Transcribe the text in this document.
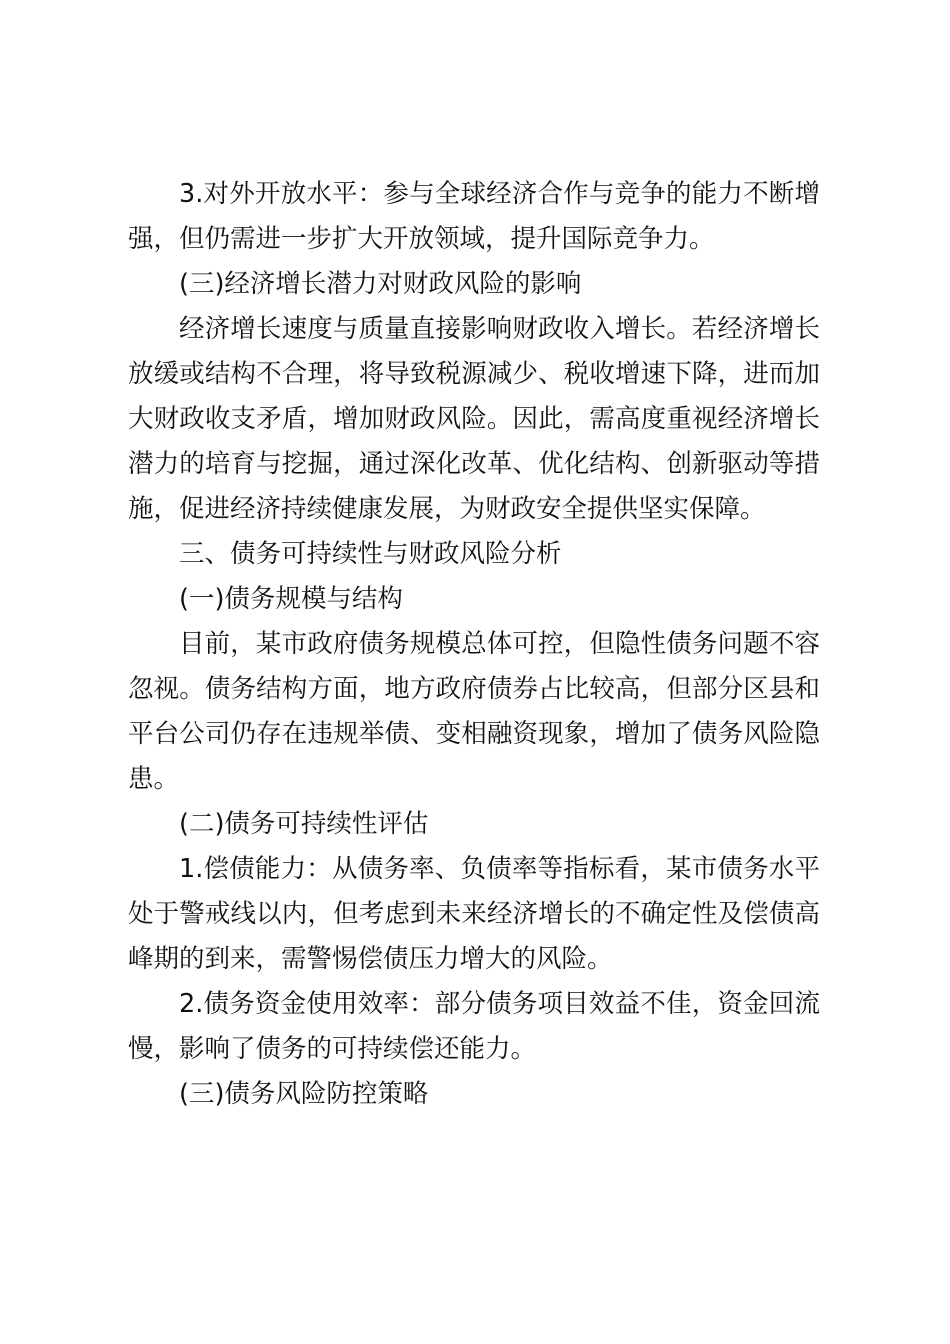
3.对外开放水平：参与全球经济合作与竞争的能力不断增强，但仍需进一步扩大开放领域，提升国际竞争力。

(三)经济增长潜力对财政风险的影响

经济增长速度与质量直接影响财政收入增长。若经济增长放缓或结构不合理，将导致税源减少、税收增速下降，进而加大财政收支矛盾，增加财政风险。因此，需高度重视经济增长潜力的培育与挖掘，通过深化改革、优化结构、创新驱动等措施，促进经济持续健康发展，为财政安全提供坚实保障。

三、债务可持续性与财政风险分析

(一)债务规模与结构

目前，某市政府债务规模总体可控，但隐性债务问题不容忽视。债务结构方面，地方政府债券占比较高，但部分区县和平台公司仍存在违规举债、变相融资现象，增加了债务风险隐患。

(二)债务可持续性评估

1.偿债能力：从债务率、负债率等指标看，某市债务水平处于警戒线以内，但考虑到未来经济增长的不确定性及偿债高峰期的到来，需警惕偿债压力增大的风险。

2.债务资金使用效率：部分债务项目效益不佳，资金回流慢，影响了债务的可持续偿还能力。

(三)债务风险防控策略
